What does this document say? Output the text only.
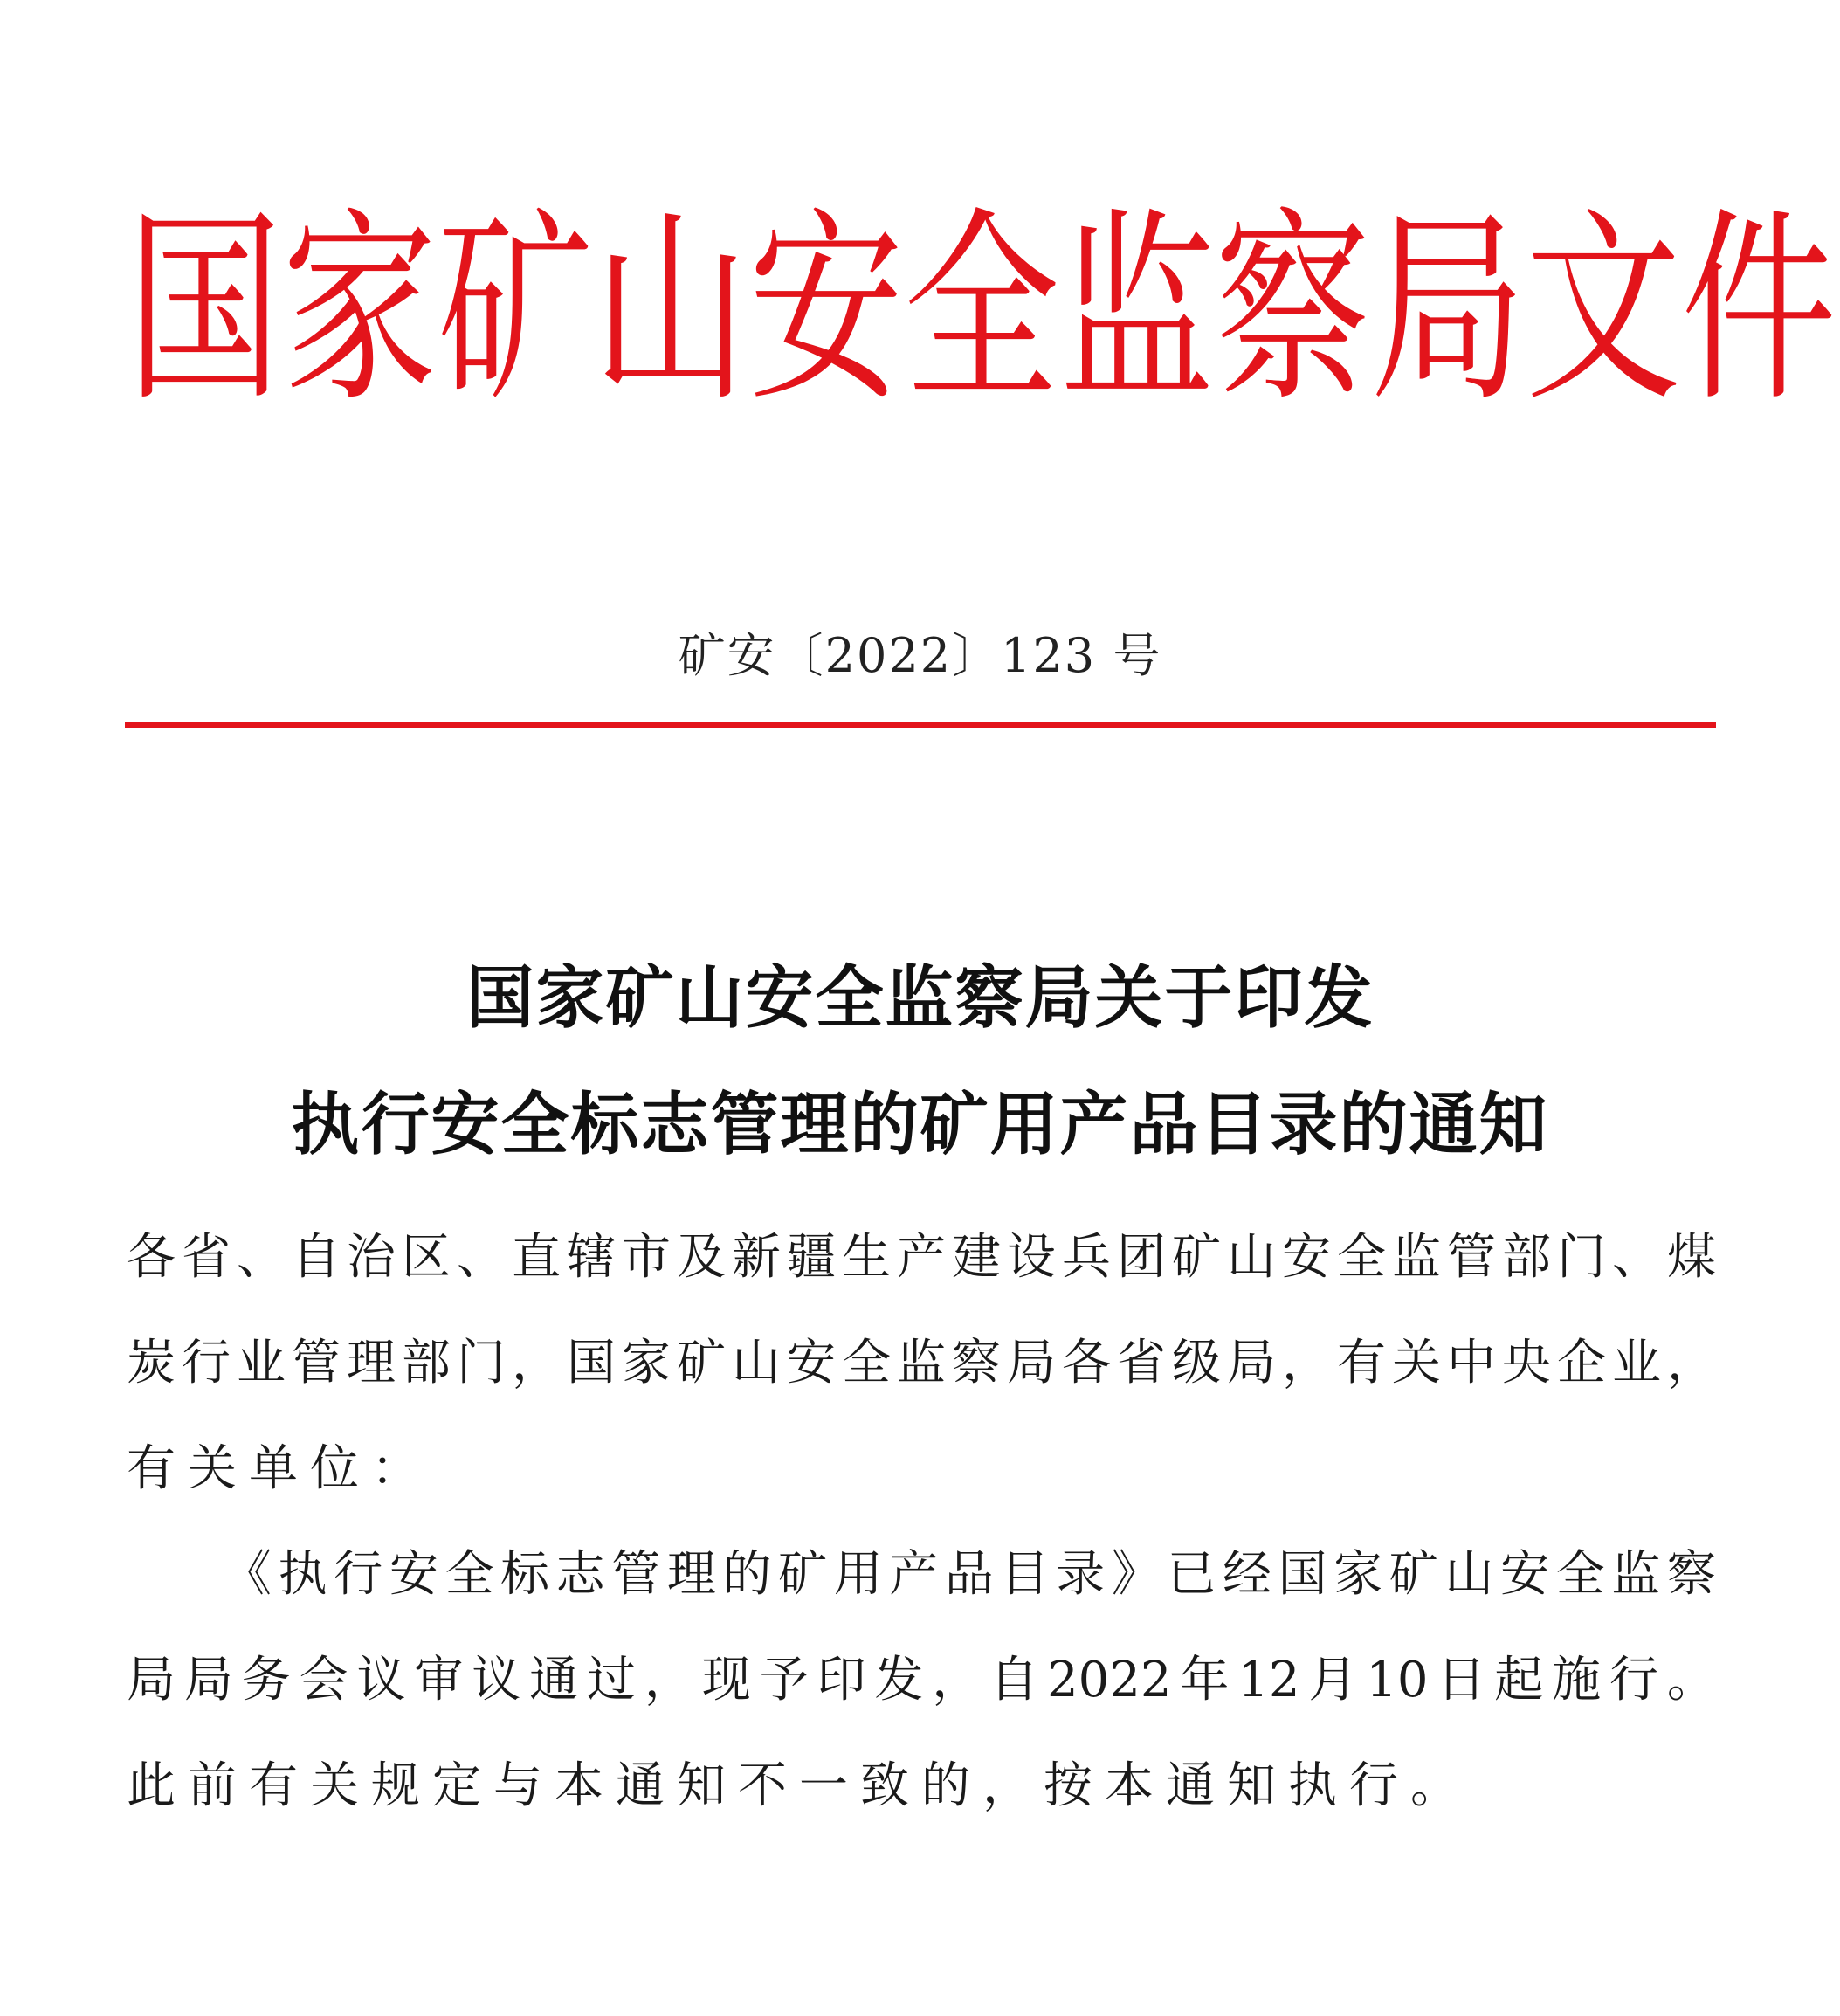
国 家 矿 山 安 全 监 察 局 文 件
矿安〔2022〕123 号
国家矿山安全监察局关于印发
执行安全标志管理的矿用产品目录的通知
各 省 、 自 治 区 、 直 辖 市 及 新 疆 生 产 建 设 兵 团 矿 山 安 全 监 管 部 门 、 煤
炭 行 业 管 理 部 门 ， 国 家 矿 山 安 全 监 察 局 各 省 级 局 ， 有 关 中 央 企 业 ，
有关单位：
《 执 行 安 全 标 志 管 理 的 矿 用 产 品 目 录 》 已 经 国 家 矿 山 安 全 监 察
局 局 务 会 议 审 议 通 过 ， 现 予 印 发 ， 自 2022 年 12 月 10 日 起 施 行 。
此前有关规定与本通知不一致的，按本通知执行。
